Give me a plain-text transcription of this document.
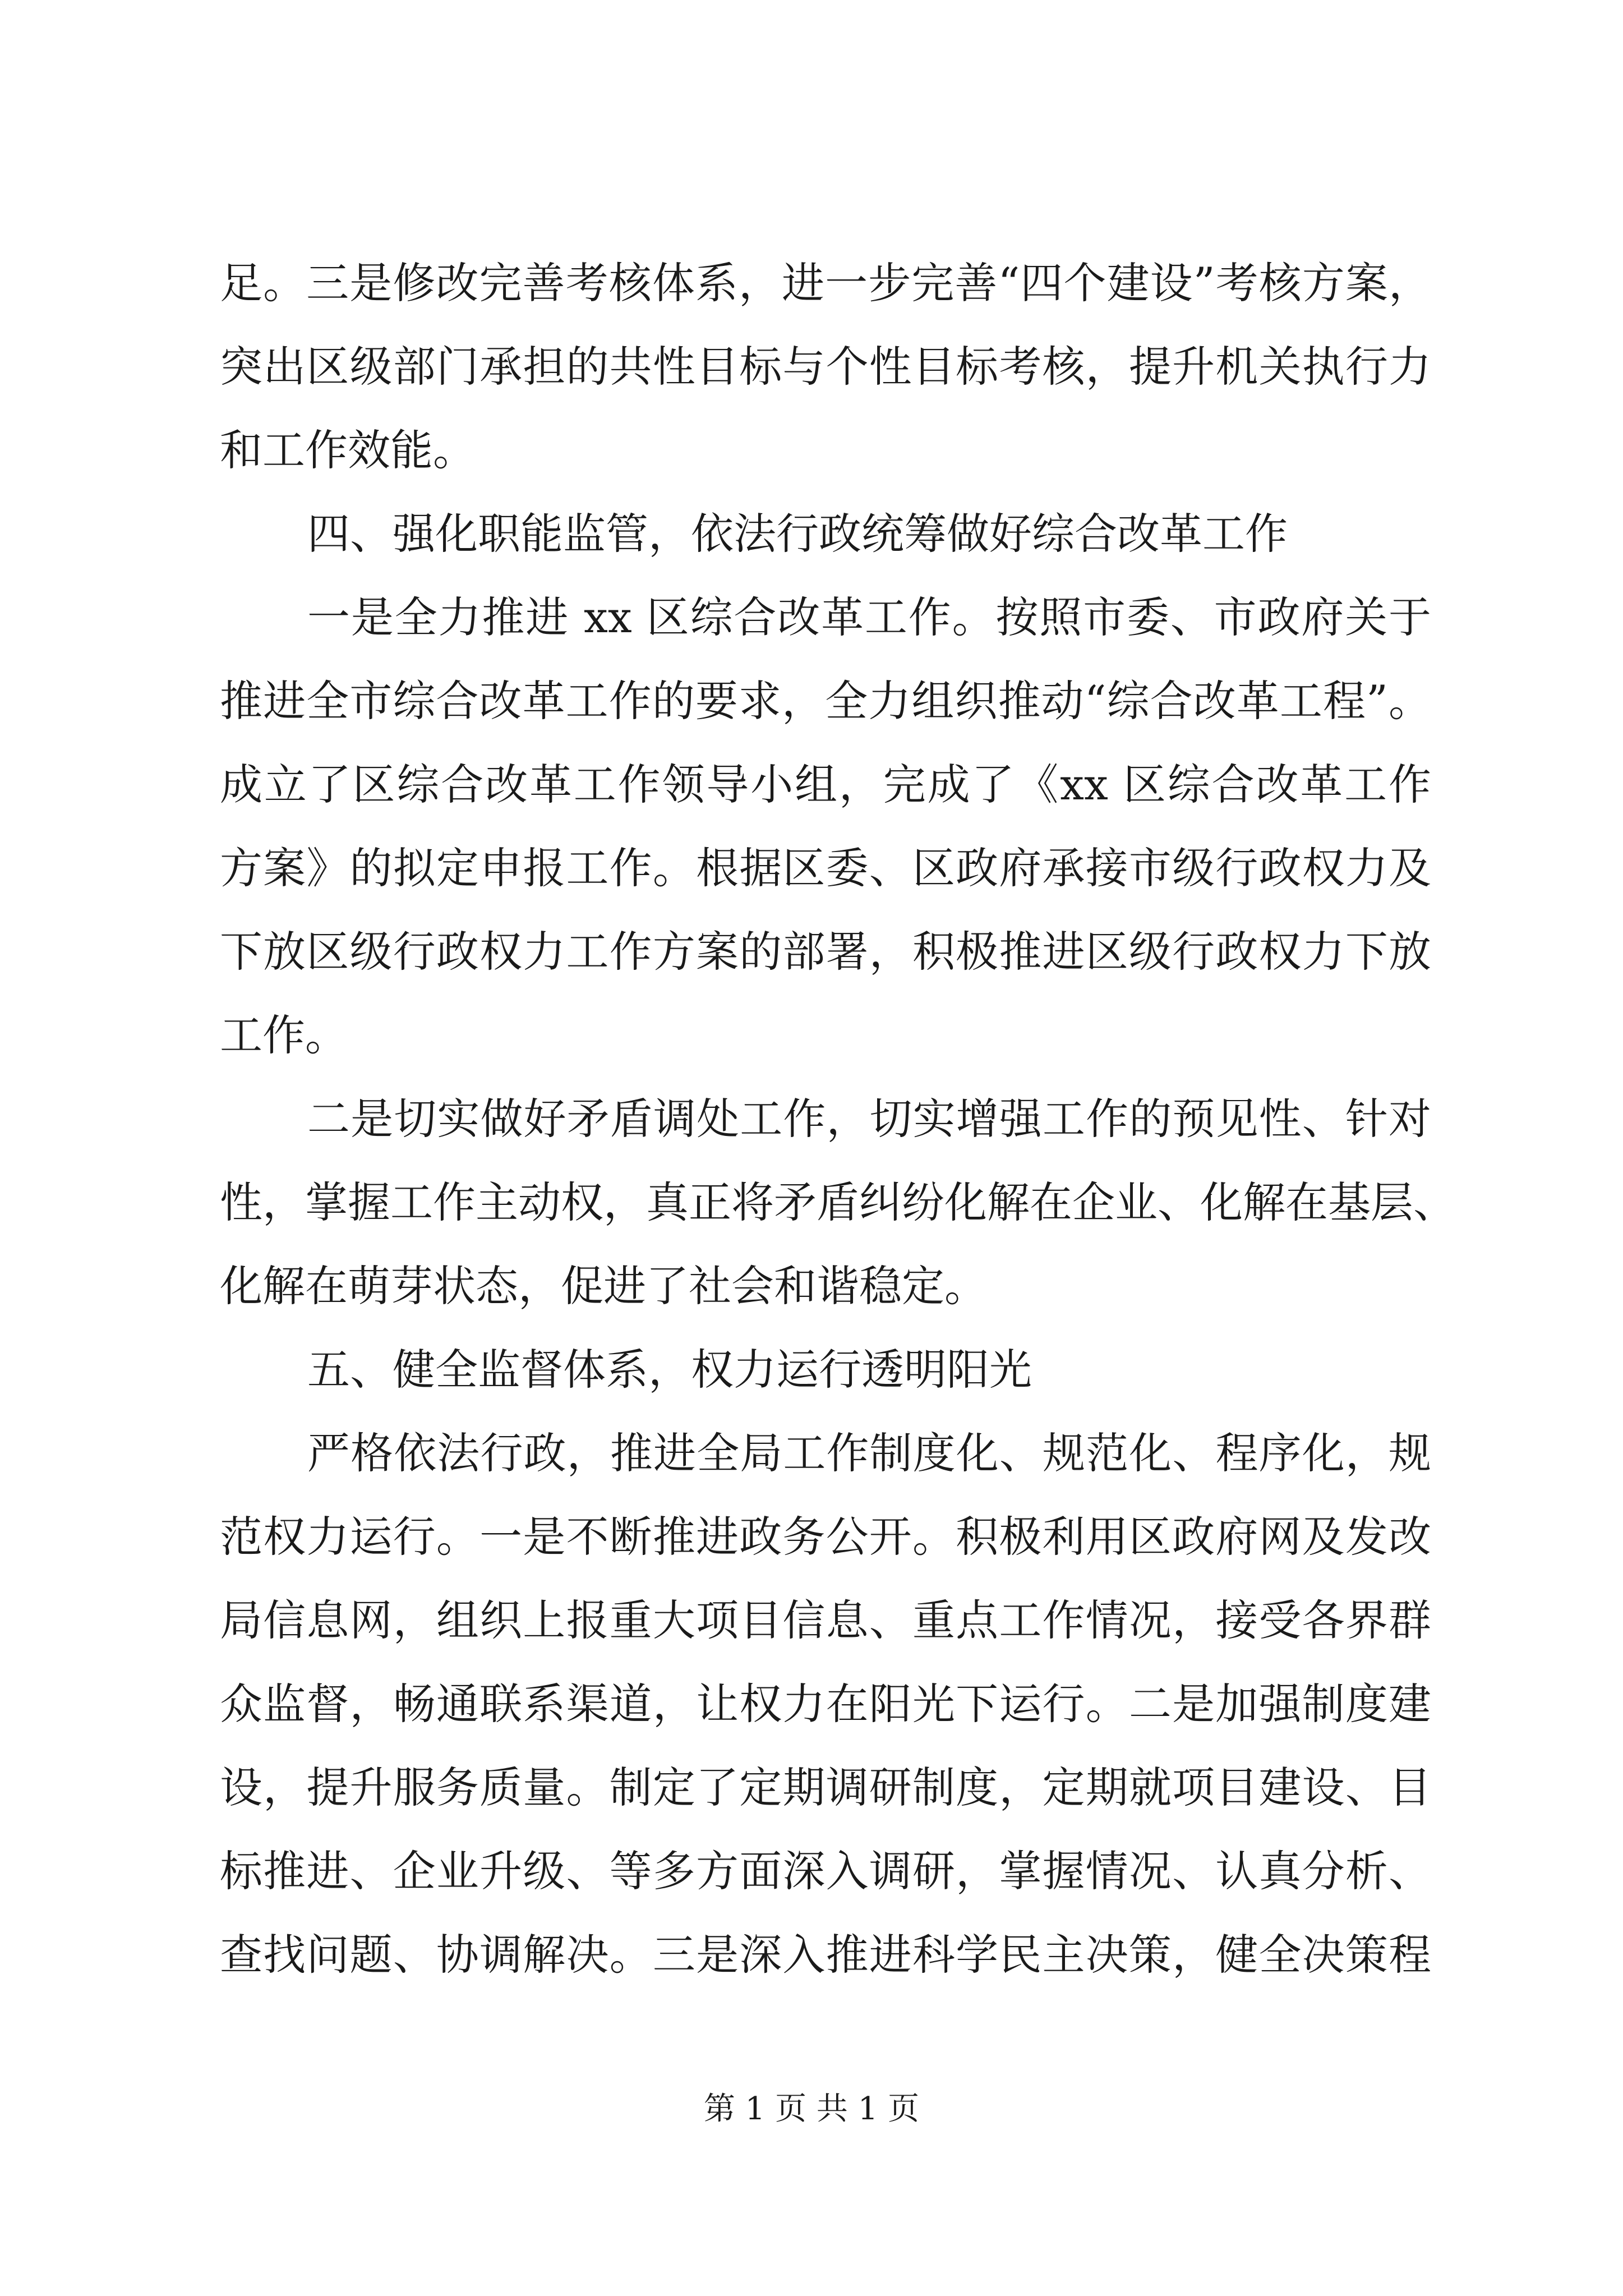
足。三是修改完善考核体系，进一步完善“四个建设”考核方案，
突出区级部门承担的共性目标与个性目标考核，提升机关执行力
和工作效能。
四、强化职能监管，依法行政统筹做好综合改革工作
一是全力推进 xx 区综合改革工作。按照市委、市政府关于
推进全市综合改革工作的要求，全力组织推动“综合改革工程”。
成立了区综合改革工作领导小组，完成了《xx 区综合改革工作
方案》的拟定申报工作。根据区委、区政府承接市级行政权力及
下放区级行政权力工作方案的部署，积极推进区级行政权力下放
工作。
二是切实做好矛盾调处工作，切实增强工作的预见性、针对
性，掌握工作主动权，真正将矛盾纠纷化解在企业、化解在基层、
化解在萌芽状态，促进了社会和谐稳定。
五、健全监督体系，权力运行透明阳光
严格依法行政，推进全局工作制度化、规范化、程序化，规
范权力运行。一是不断推进政务公开。积极利用区政府网及发改
局信息网，组织上报重大项目信息、重点工作情况，接受各界群
众监督，畅通联系渠道，让权力在阳光下运行。二是加强制度建
设，提升服务质量。制定了定期调研制度，定期就项目建设、目
标推进、企业升级、等多方面深入调研，掌握情况、认真分析、
查找问题、协调解决。三是深入推进科学民主决策，健全决策程
第 1 页 共 1 页
